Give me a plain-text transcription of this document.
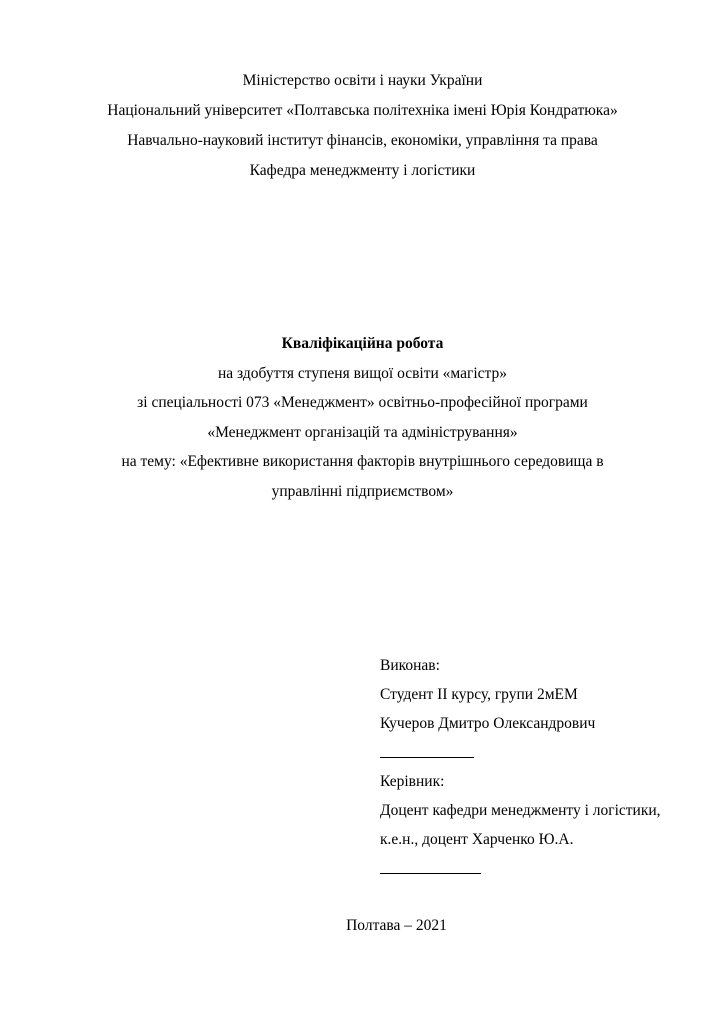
Міністерство освіти і науки України
Національний університет «Полтавська політехніка імені Юрія Кондратюка»
Навчально-науковий інститут фінансів, економіки, управління та права
Кафедра менеджменту і логістики
Кваліфікаційна робота
на здобуття ступеня вищої освіти «магістр»
зі спеціальності 073 «Менеджмент» освітньо-професійної програми
«Менеджмент організацій та адміністрування»
на тему: «Ефективне використання факторів внутрішнього середовища в
управлінні підприємством»
Виконав:
Студент ІІ курсу, групи 2мЕМ
Кучеров Дмитро Олександрович
Керівник:
Доцент кафедри менеджменту і логістики,
к.е.н., доцент Харченко Ю.А.
Полтава – 2021
